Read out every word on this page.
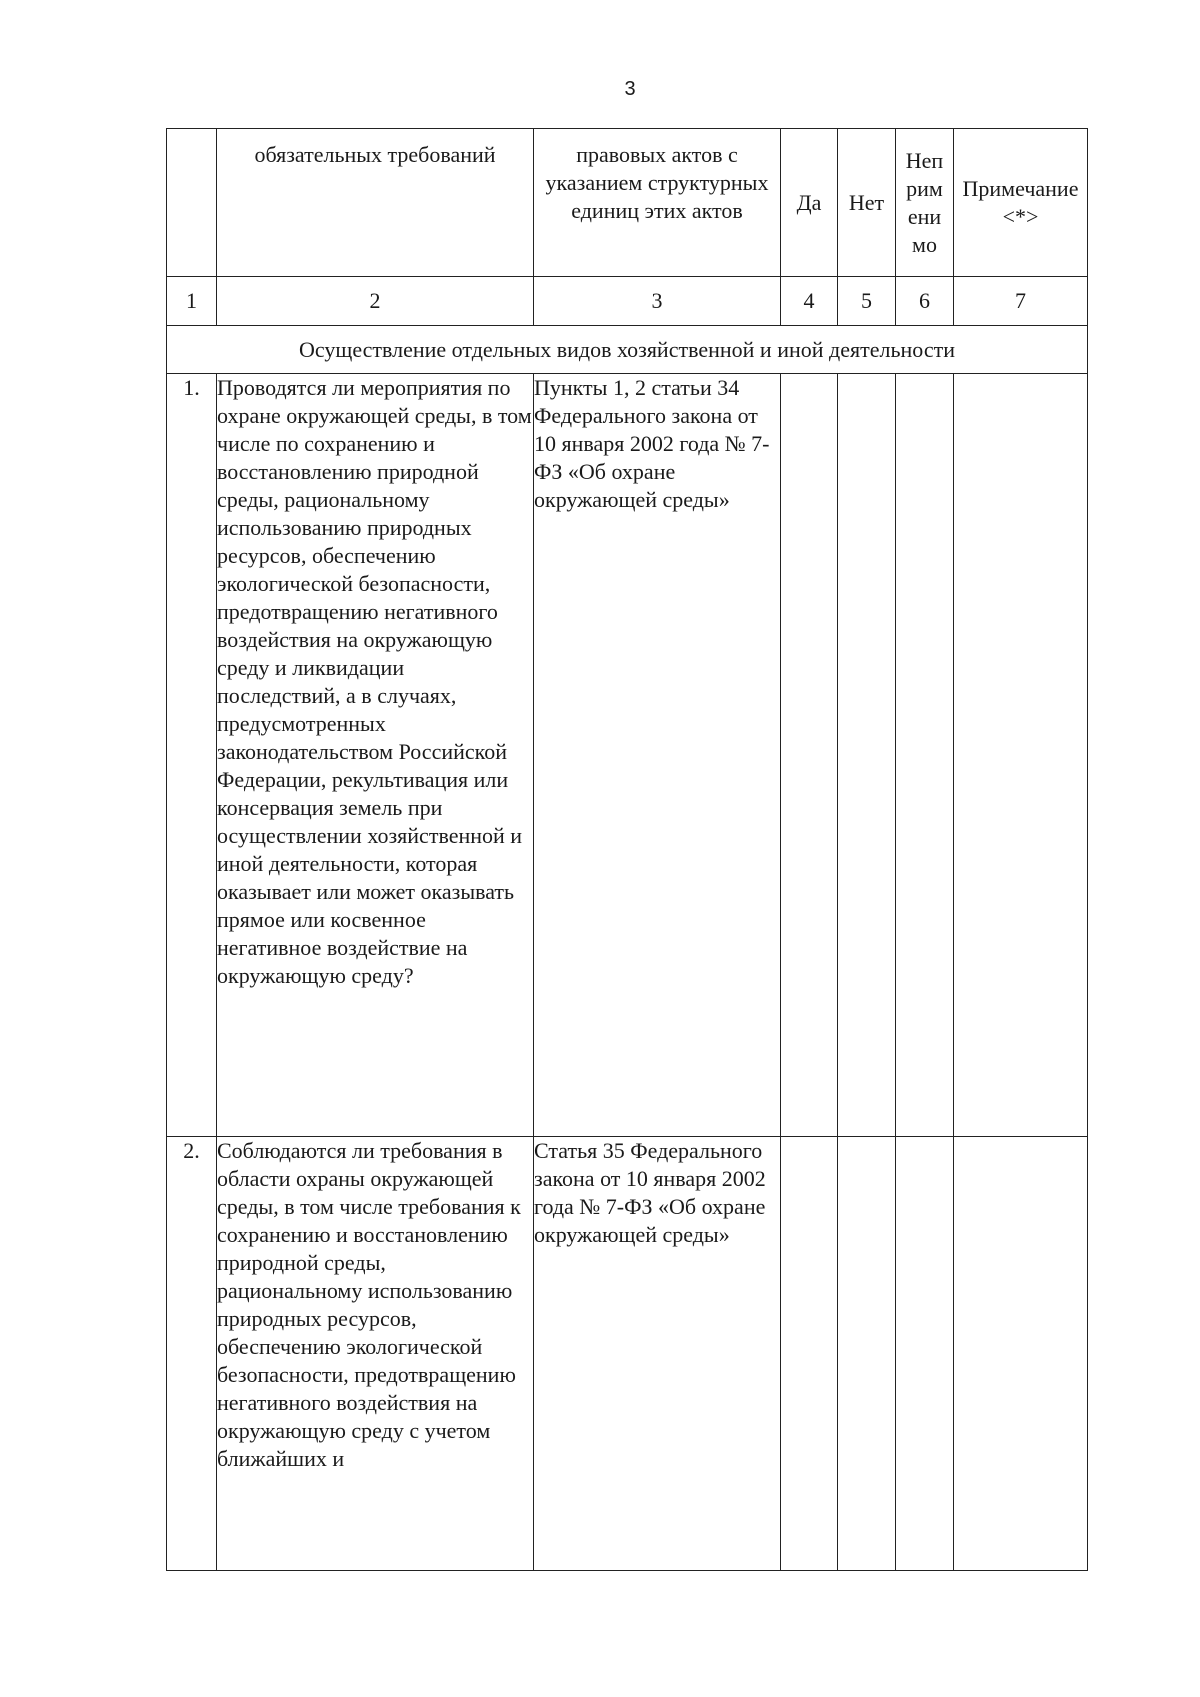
3
	обязательных требований	правовых актов с указанием структурных единиц этих актов	Да	Нет	Неп рим ени мо	Примечание <*>
1	2	3	4	5	6	7
Осуществление отдельных видов хозяйственной и иной деятельности						
1.	Проводятся ли мероприятия по охране окружающей среды, в том числе по сохранению и восстановлению природной среды, рациональному использованию природных ресурсов, обеспечению экологической безопасности, предотвращению негативного воздействия на окружающую среду и ликвидации последствий, а в случаях, предусмотренных законодательством Российской Федерации, рекультивация или консервация земель при осуществлении хозяйственной и иной деятельности, которая оказывает или может оказывать прямое или косвенное негативное воздействие на окружающую среду?	Пункты 1, 2 статьи 34 Федерального закона от 10 января 2002 года № 7-ФЗ «Об охране окружающей среды»				
2.	Соблюдаются ли требования в области охраны окружающей среды, в том числе требования к сохранению и восстановлению природной среды, рациональному использованию природных ресурсов, обеспечению экологической безопасности, предотвращению негативного воздействия на окружающую среду с учетом ближайших и	Статья 35 Федерального закона от 10 января 2002 года № 7-ФЗ «Об охране окружающей среды»				
